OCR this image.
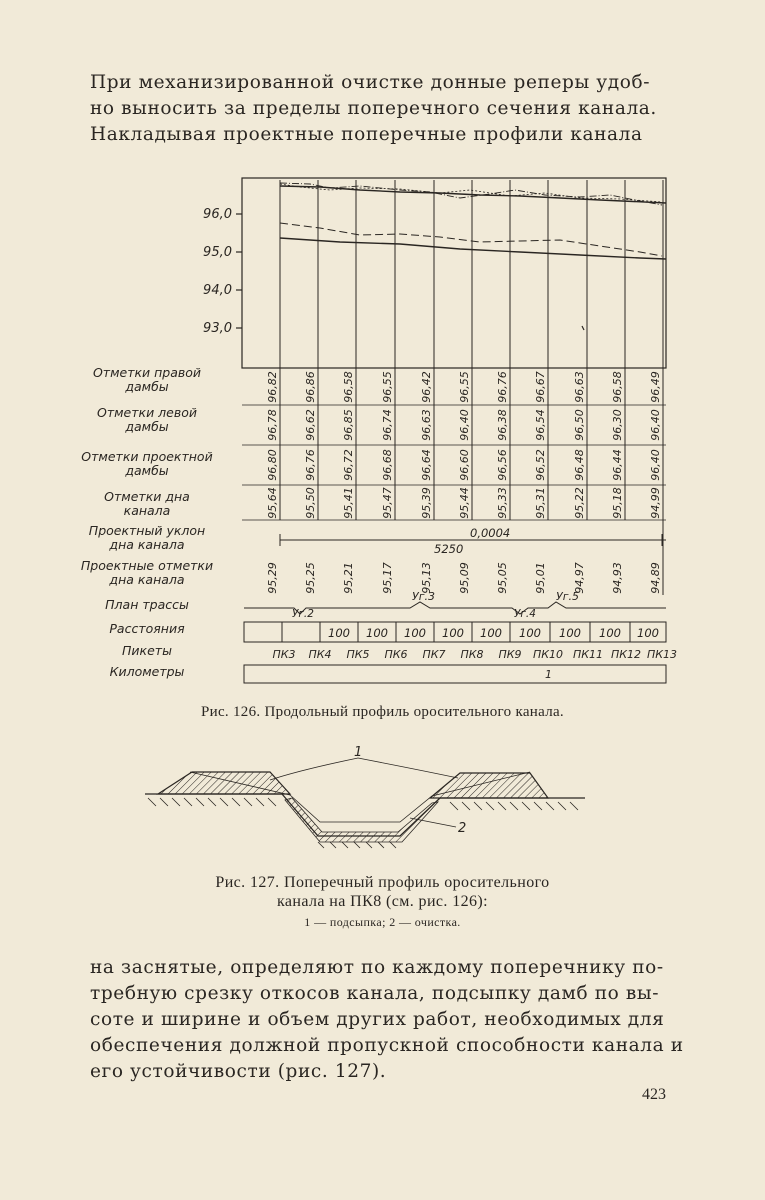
При механизированной очистке донные реперы удоб-
но выносить за пределы поперечного сечения канала.
Накладывая проектные поперечные профили канала
Отметки правой
дамбы
Отметки левой
дамбы
Отметки проектной
дамбы
Отметки дна
канала
Проектный уклон
дна канала
Проектные отметки
дна канала
План трассы
Расстояния
Пикеты
Километры
96,82 96,86 96,58 96,55 96,42 96,55 96,76 96,67 96,63 96,58 96,49
96,78 96,62 96,85 96,74 96,63 96,40 96,38 96,54 96,50 96,30 96,40
96,80 96,76 96,72 96,68 96,64 96,60 96,56 96,52 96,48 96,44 96,40
95,64 95,50 95,41 95,47 95,39 95,44 95,33 95,31 95,22 95,18 94,99
95,29 95,25 95,21 95,17 95,13 95,09 95,05 95,01 94,97 94,93 94,89
100 100 100 100 100 100 100 100 100
ПК3 ПК4 ПК5 ПК6 ПК7 ПК8 ПК9 ПК10 ПК11 ПК12 ПК13
96,0
95,0
94,0
93,0
0,0004
5250
Уг.2
Уг.3
Уг.4
Уг.5
1
Рис. 126. Продольный профиль оросительного канала.
1
2
Рис. 127. Поперечный профиль оросительного
канала на ПК8 (см. рис. 126):
1 — подсыпка; 2 — очистка.
на заснятые, определяют по каждому поперечнику по-
требную срезку откосов канала, подсыпку дамб по вы-
соте и ширине и объем других работ, необходимых для
обеспечения должной пропускной способности канала и
его устойчивости (рис. 127).
423
